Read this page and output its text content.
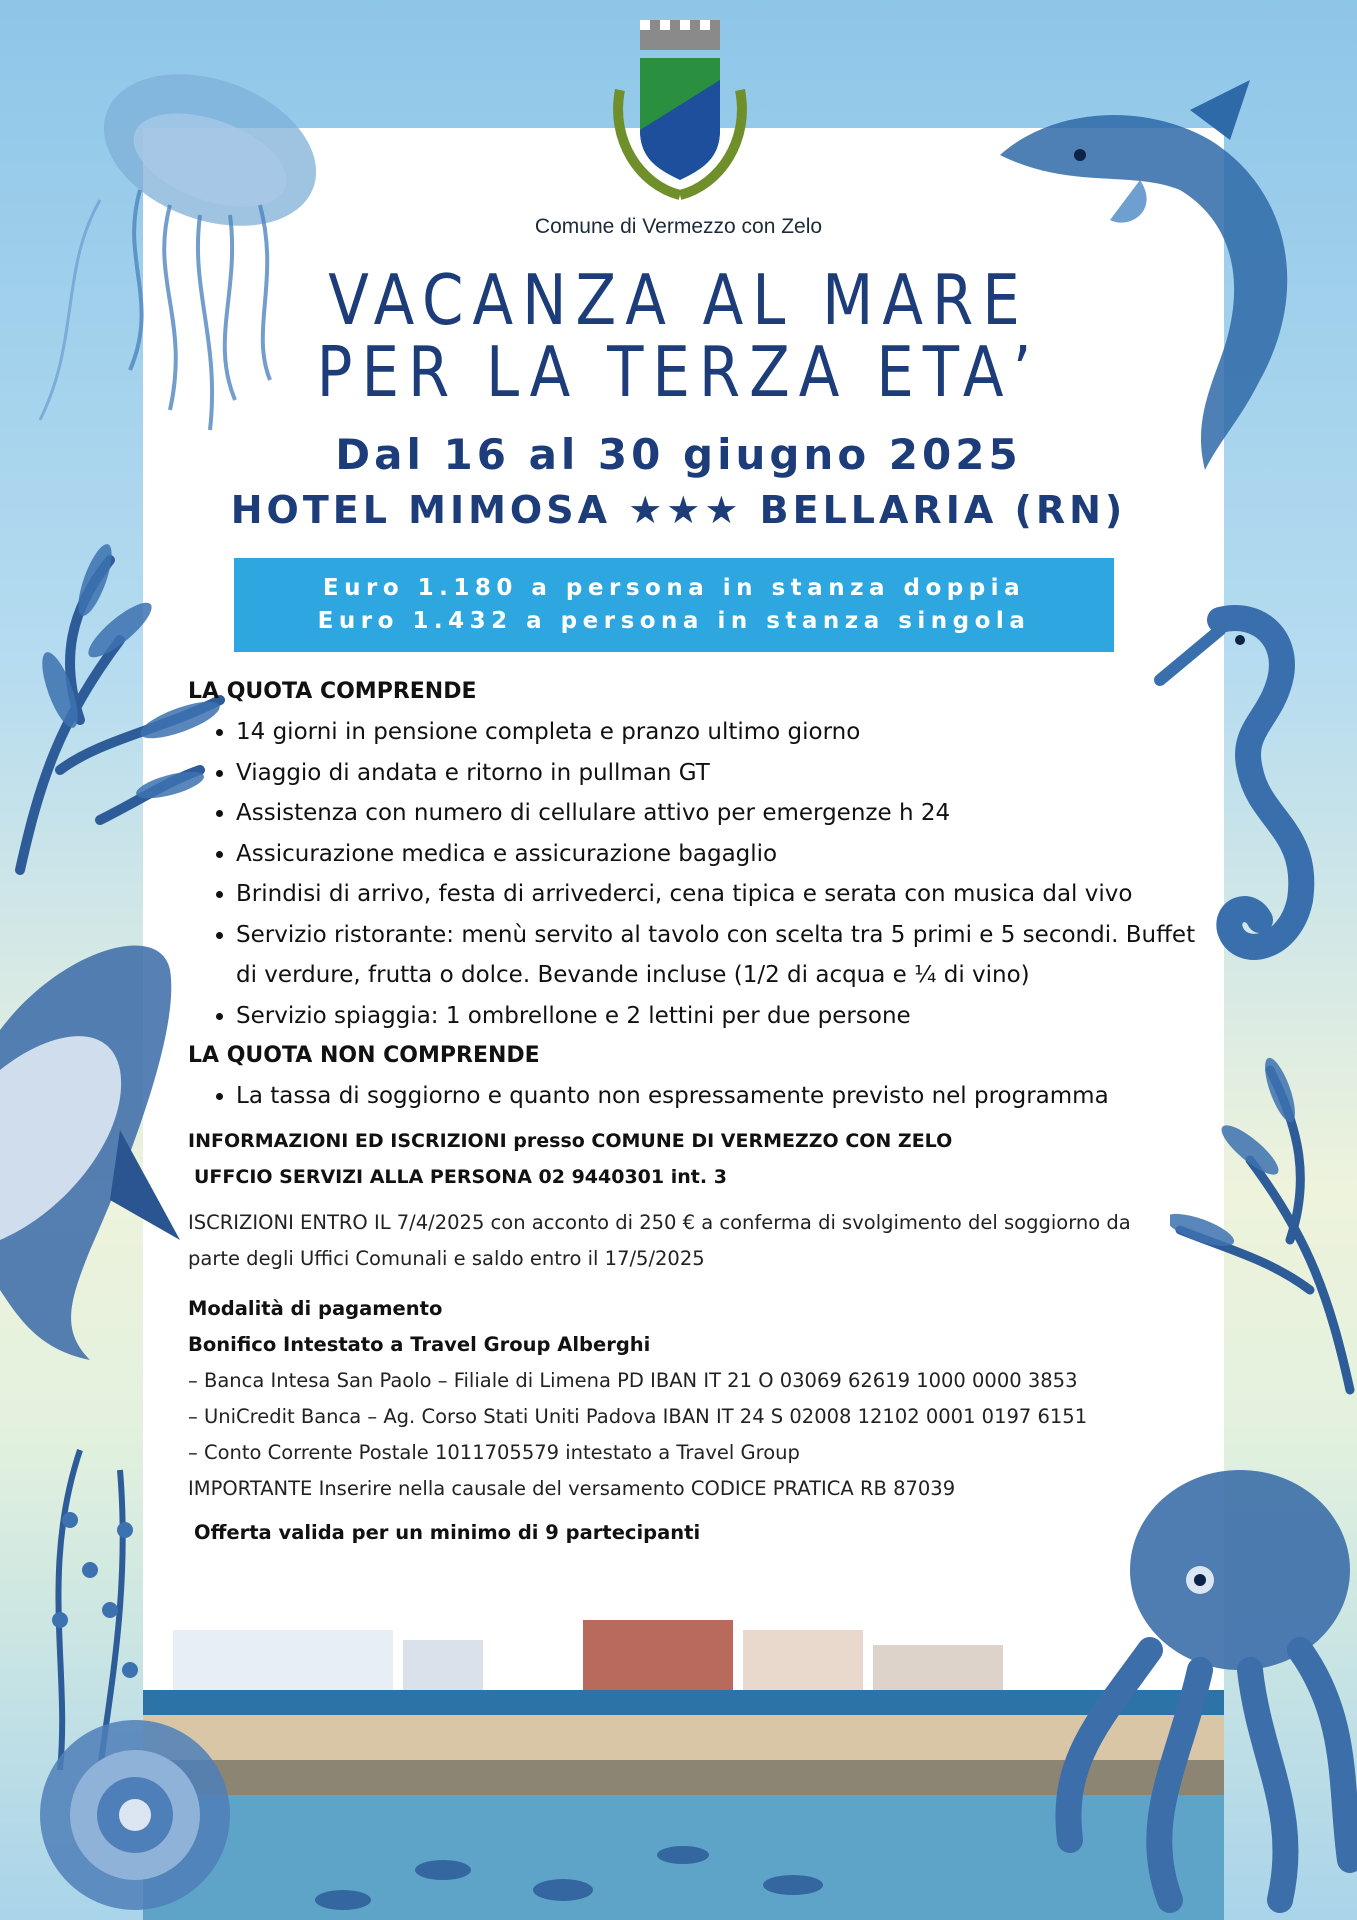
Comune di Vermezzo con Zelo
VACANZA AL MARE
PER LA TERZA ETA’
Dal 16 al 30 giugno 2025
HOTEL MIMOSA ★★★ BELLARIA (RN)
Euro 1.180 a persona in stanza doppia
Euro 1.432 a persona in stanza singola

LA QUOTA COMPRENDE

• 14 giorni in pensione completa e pranzo ultimo giorno
• Viaggio di andata e ritorno in pullman GT
• Assistenza con numero di cellulare attivo per emergenze h 24
• Assicurazione medica e assicurazione bagaglio
• Brindisi di arrivo, festa di arrivederci, cena tipica e serata con musica dal vivo
• Servizio ristorante: menù servito al tavolo con scelta tra 5 primi e 5 secondi. Buffet di verdure, frutta o dolce. Bevande incluse (1/2 di acqua e ¼ di vino)
• Servizio spiaggia: 1 ombrellone e 2 lettini per due persone

LA QUOTA NON COMPRENDE

• La tassa di soggiorno e quanto non espressamente previsto nel programma
INFORMAZIONI ED ISCRIZIONI presso COMUNE DI VERMEZZO CON ZELO
UFFCIO SERVIZI ALLA PERSONA 02 9440301 int. 3
ISCRIZIONI ENTRO IL 7/4/2025 con acconto di 250 € a conferma di svolgimento del soggiorno da parte degli Uffici Comunali e saldo entro il 17/5/2025
Modalità di pagamento
Bonifico Intestato a Travel Group Alberghi
– Banca Intesa San Paolo – Filiale di Limena PD IBAN IT 21 O 03069 62619 1000 0000 3853
– UniCredit Banca – Ag. Corso Stati Uniti Padova IBAN IT 24 S 02008 12102 0001 0197 6151
– Conto Corrente Postale 1011705579 intestato a Travel Group
IMPORTANTE Inserire nella causale del versamento CODICE PRATICA RB 87039
Offerta valida per un minimo di 9 partecipanti
